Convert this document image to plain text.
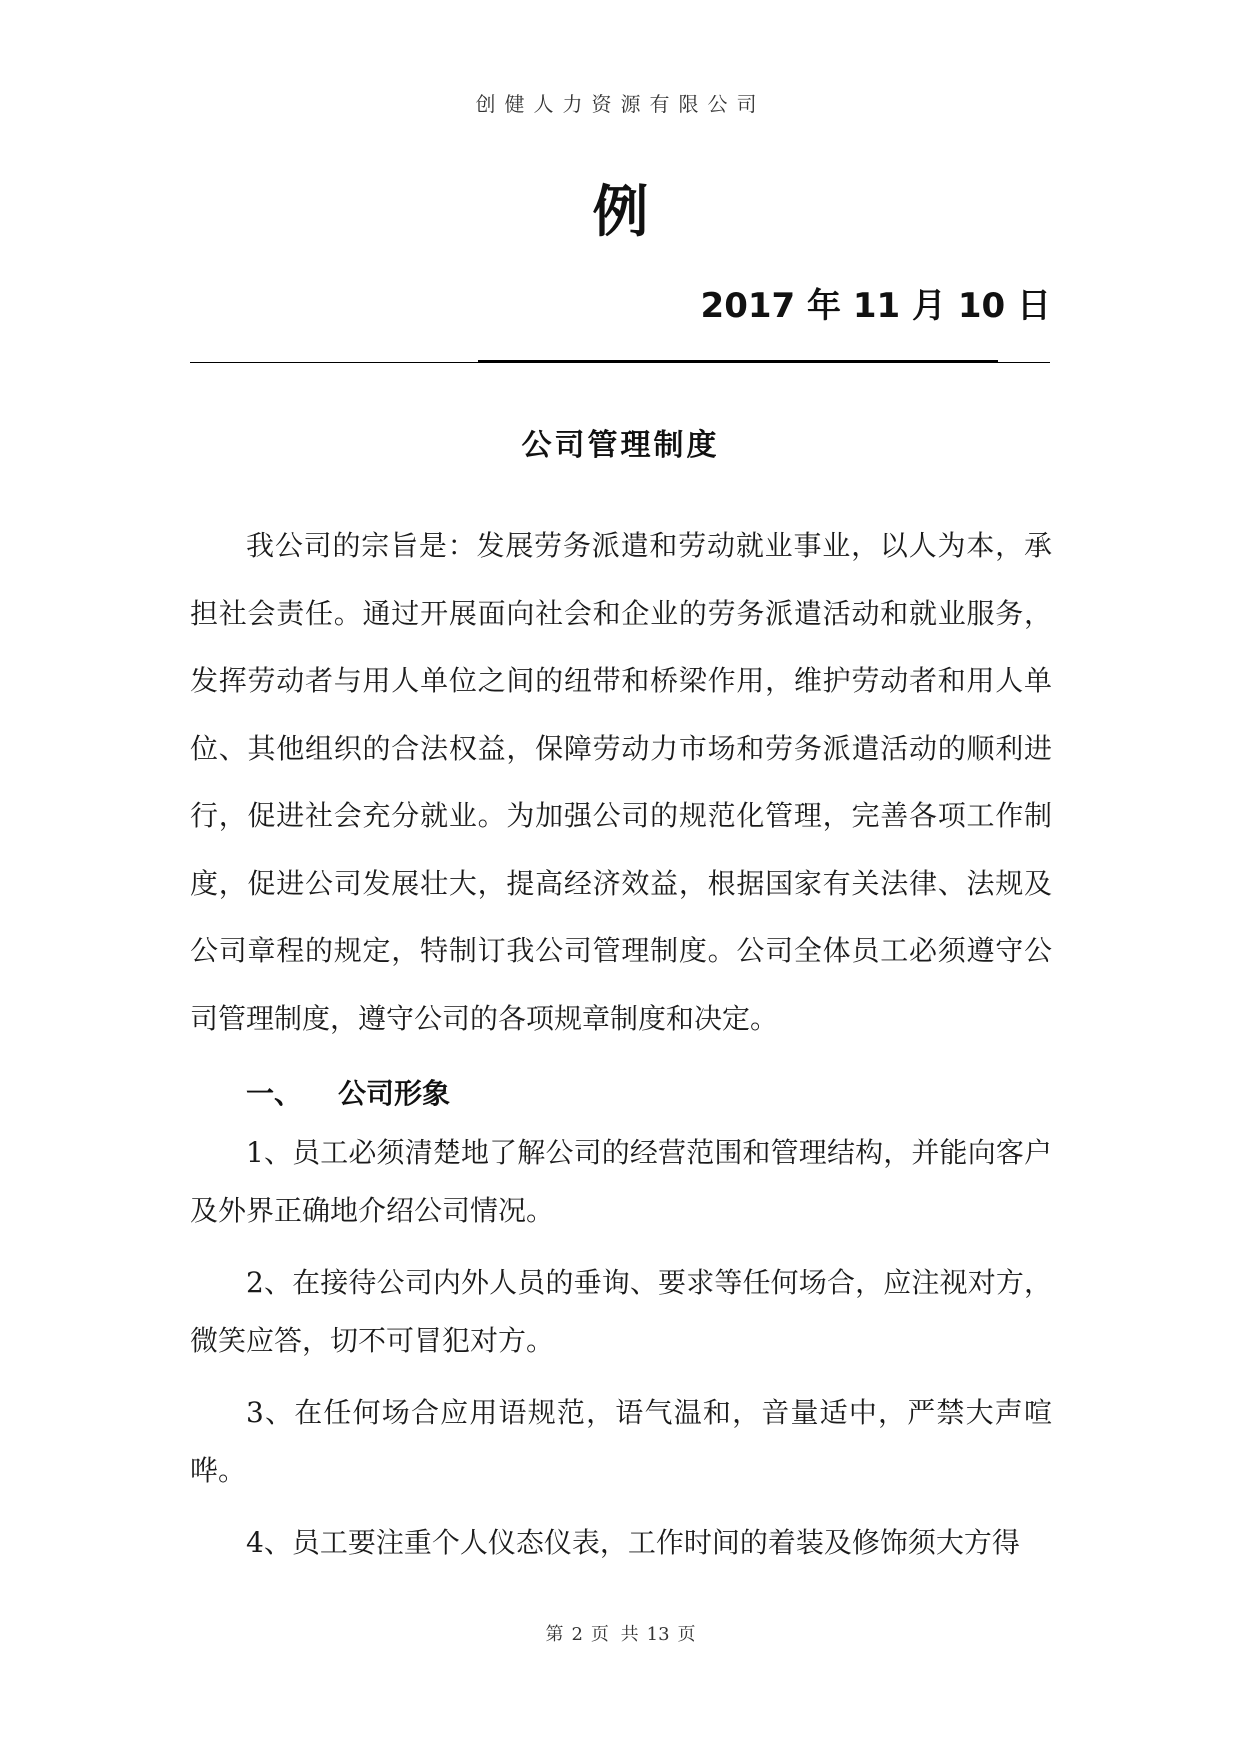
创健人力资源有限公司
例
2017 年 11 月 10 日
公司管理制度

我公司的宗旨是：发展劳务派遣和劳动就业事业，以人为本，承担社会责任。通过开展面向社会和企业的劳务派遣活动和就业服务，发挥劳动者与用人单位之间的纽带和桥梁作用，维护劳动者和用人单位、其他组织的合法权益，保障劳动力市场和劳务派遣活动的顺利进行，促进社会充分就业。为加强公司的规范化管理，完善各项工作制度，促进公司发展壮大，提高经济效益，根据国家有关法律、法规及公司章程的规定，特制订我公司管理制度。公司全体员工必须遵守公司管理制度，遵守公司的各项规章制度和决定。

一、 公司形象
1、员工必须清楚地了解公司的经营范围和管理结构，并能向客户及外界正确地介绍公司情况。
2、在接待公司内外人员的垂询、要求等任何场合，应注视对方，微笑应答，切不可冒犯对方。
3、在任何场合应用语规范，语气温和，音量适中，严禁大声喧哗。
4、员工要注重个人仪态仪表，工作时间的着装及修饰须大方得
第 2 页 共 13 页
